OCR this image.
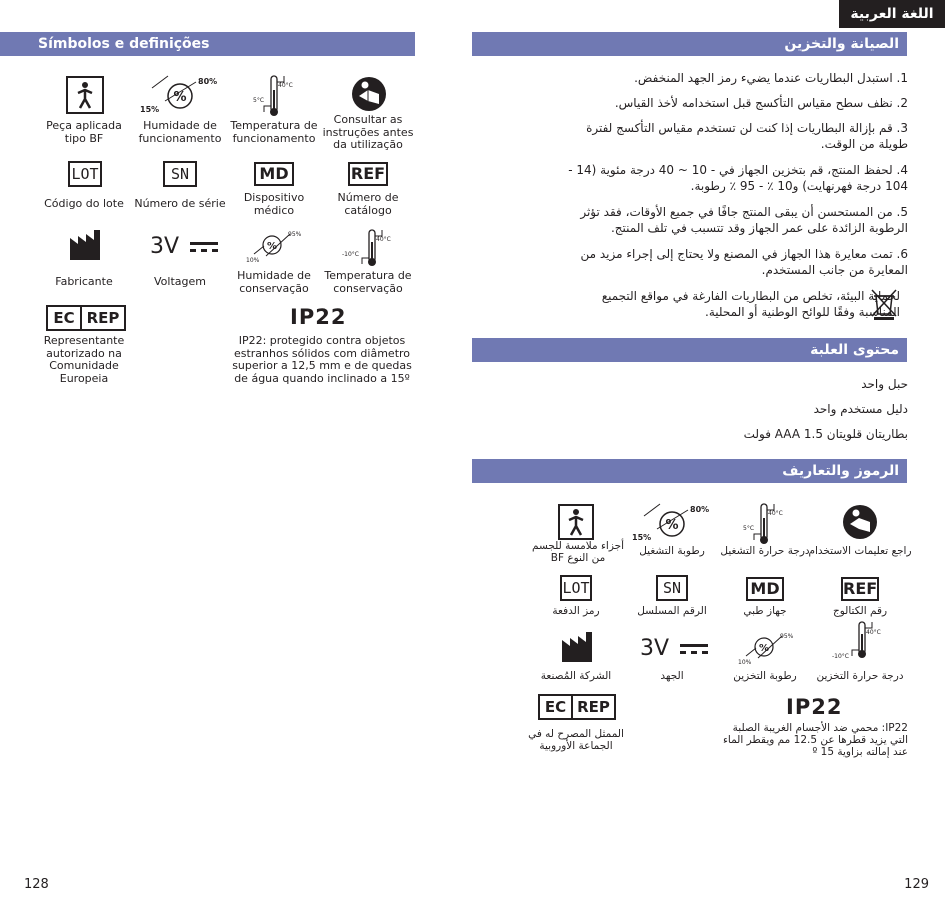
Símbolos e definições
Peça aplicada tipo BF
%
15%
80%
Humidade de funcionamento
40°C
5°C
Temperatura de funcionamento
Consultar as instruções antes da utilização
LOT
Código do lote
SN
Número de série
MD
Dispositivo médico
REF
Número de catálogo
Fabricante
3V
Voltagem
%
10%
95%
Humidade de conservação
40°C
-10°C
Temperatura de conservação
EC REP
Representante autorizado na Comunidade Europeia
IP22
IP22: protegido contra objetos estranhos sólidos com diâmetro superior a 12,5 mm e de quedas de água quando inclinado a 15º
128
اللغة العربية
الصيانة والتخزين
1. استبدل البطاريات عندما يضيء رمز الجهد المنخفض.
2. نظف سطح مقياس التأكسج قبل استخدامه لأخذ القياس.
3. قم بإزالة البطاريات إذا كنت لن تستخدم مقياس التأكسج لفترة طويلة من الوقت.
4. لحفظ المنتج، قم بتخزين الجهاز في - 10 ~ 40 درجة مئوية (14 - 104 درجة فهرنهايت) و10 ٪ - 95 ٪ رطوبة.
5. من المستحسن أن يبقى المنتج جافًا في جميع الأوقات، فقد تؤثر الرطوبة الزائدة على عمر الجهاز وقد تتسبب في تلف المنتج.
6. تمت معايرة هذا الجهاز في المصنع ولا يحتاج إلى إجراء مزيد من المعايرة من جانب المستخدم.
لحماية البيئة، تخلص من البطاريات الفارغة في مواقع التجميع المناسبة وفقًا للوائح الوطنية أو المحلية.
محتوى العلبة
حبل واحد
دليل مستخدم واحد
بطاريتان قلويتان AAA 1.5 فولت
الرموز والتعاريف
راجع تعليمات الاستخدام
40°C
5°C
درجة حرارة التشغيل
%
15%
80%
رطوبة التشغيل
أجزاء ملامسة للجسم من النوع BF
REF
رقم الكتالوج
MD
جهاز طبي
SN
الرقم المسلسل
LOT
رمز الدفعة
40°C
-10°C
درجة حرارة التخزين
%
10%
95%
رطوبة التخزين
3V
الجهد
الشركة المُصنعة
IP22
IP22: محمي ضد الأجسام الغريبة الصلبة التي يزيد قطرها عن 12.5 مم ويقطر الماء عند إمالته بزاوية 15 º
EC REP
الممثل المصرح له في الجماعة الأوروبية
129
